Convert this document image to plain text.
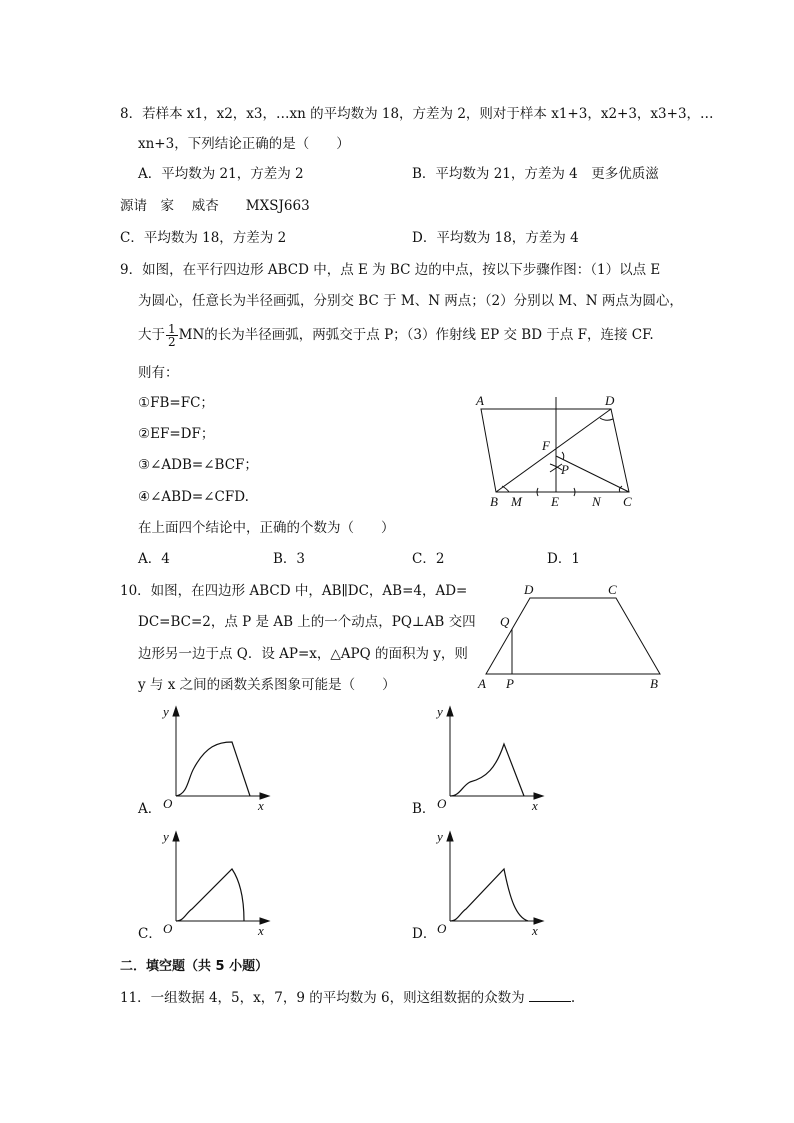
8．若样本 x1，x2，x3，…xn 的平均数为 18，方差为 2，则对于样本 x1+3，x2+3，x3+3，…
xn+3，下列结论正确的是（　　）
A．平均数为 21，方差为 2	B．平均数为 21，方差为 4　更多优质滋
源请　家　 威杏　　MXSJ663
C．平均数为 18，方差为 2	D．平均数为 18，方差为 4
9．如图，在平行四边形 ABCD 中，点 E 为 BC 边的中点，按以下步骤作图：（1）以点 E
为圆心，任意长为半径画弧，分别交 BC 于 M、N 两点；（2）分别以 M、N 两点为圆心，
大于 $\frac{1}{2}$ MN的长为半径画弧，两弧交于点 P；（3）作射线 EP 交 BD 于点 F，连接 CF.
则有：
①FB=FC；
②EF=DF；
③∠ADB=∠BCF；
④∠ABD=∠CFD.
在上面四个结论中，正确的个数为（　　）
A．4	B．3	C．2	D．1
A	D
F
P
B M E	N C
10．如图，在四边形 ABCD 中，AB∥DC，AB=4，AD=
DC=BC=2，点 P 是 AB 上的一个动点，PQ⊥AB 交四
边形另一边于点 Q．设 AP=x，△APQ 的面积为 y，则
y 与 x 之间的函数关系图象可能是（　　）
D	C
Q
A P	B
A．
y
O	x	B．
y
O	x
C．
y
O	x	D．
y
O	x
二．填空题（共 5 小题）
11．一组数据 4，5，x，7，9 的平均数为 6，则这组数据的众数为	.
